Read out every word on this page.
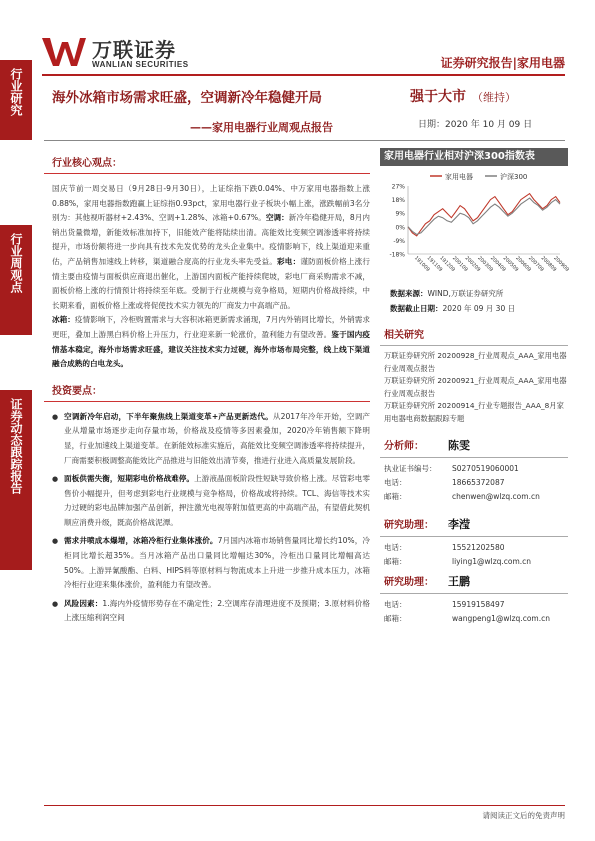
万联证券
WANLIAN SECURITIES	证券研究报告|家用电器
行业研究
行业周观点
证券动态跟踪报告
海外冰箱市场需求旺盛，空调新冷年稳健开局
——家用电器行业周观点报告
强于大市 （维持）
日期：2020 年 10 月 09 日
行业核心观点：
国庆节前一周交易日（9月28日-9月30日），上证综指下跌0.04%、中万家用电器指数上涨0.88%，家用电器指数跑赢上证综指0.93pct，家用电器行业子板块小幅上涨，涨跌幅前3名分别为：其他视听器材+2.43%、空调+1.28%、冰箱+0.67%。空调：新冷年稳健开局，8月内销出货量微增，新能效标准加持下，旧能效产能将陆续出清。高能效比变频空调渗透率将持续提升，市场份额将进一步向具有技术先发优势的龙头企业集中。疫情影响下，线上渠道迎来重估，产品销售加速线上转移，渠道融合度高的行业龙头率先受益。彩电：谨防面板价格上涨行情主要由疫情与面板供应商退出催化，上游国内面板产能持续爬坡，彩电厂商采购需求不减，面板价格上涨的行情预计将持续至年底。受制于行业规模与竞争格局，短期内价格战持续，中长期来看，面板价格上涨或将促使技术实力领先的厂商发力中高端产品。
冰箱：疫情影响下，冷柜购置需求与大容积冰箱更新需求涌现，7月内外销同比增长，外销需求更旺，叠加上游黑白料价格上升压力，行业迎来新一轮涨价，盈利能力有望改善。鉴于国内疫情基本稳定，海外市场需求旺盛，建议关注技术实力过硬，海外市场布局完整，线上线下渠道融合成熟的白电龙头。
投资要点：
● 空调新冷年启动，下半年聚焦线上渠道变革+产品更新迭代。从2017年冷年开始，空调产业从增量市场逐步走向存量市场，价格战及疫情等多因素叠加，2020冷年销售额下降明显，行业加速线上渠道变革。在新能效标准实施后，高能效比变频空调渗透率将持续提升，厂商需要积极调整高能效比产品推进与旧能效出清节奏，推进行业进入高质量发展阶段。
● 面板供需失衡，短期彩电价格战难停。上游液晶面板阶段性短缺导致价格上涨。尽管彩电零售价小幅提升，但考虑到彩电行业规模与竞争格局，价格战或将持续。TCL、海信等技术实力过硬的彩电品牌加强产品创新，押注激光电视等附加值更高的中高端产品，有望借此契机顺应消费升级，既高价格战泥潭。
● 需求井喷成本爆增，冰箱冷柜行业集体涨价。7月国内冰箱市场销售量同比增长约10%，冷柜同比增长超35%。当月冰箱产品出口量同比增幅达30%，冷柜出口量同比增幅高达50%。上游异氰酸酯、白料、HIPS料等原材料与物流成本上升进一步推升成本压力，冰箱冷柜行业迎来集体涨价，盈利能力有望改善。
● 风险因素：1.海内外疫情形势存在不确定性；2.空调库存清理进度不及预期；3.原材料价格上涨压缩利润空间
家用电器行业相对沪深300指数表
家用电器	沪深300
27%
18%
9%
0%
-9%
-18%
191009
191109
191209
200109
200209
200309
200409
200509
200609
200709
200809
200909
数据来源：WIND,万联证券研究所
数据截止日期：2020 年 09 月 30 日
相关研究
万联证券研究所 20200928_行业周观点_AAA_家用电器行业周观点报告
万联证券研究所 20200921_行业周观点_AAA_家用电器行业周观点报告
万联证券研究所 20200914_行业专题报告_AAA_8月家用电器电商数据跟踪专题
分析师：	陈雯
执业证书编号：	S0270519060001
电话：	18665372087
邮箱：	chenwen@wlzq.com.cn
研究助理：	李滢
电话：	15521202580
邮箱：	liying1@wlzq.com.cn
研究助理：	王鹏
电话：	15919158497
邮箱：	wangpeng1@wlzq.com.cn
请阅读正文后的免责声明
